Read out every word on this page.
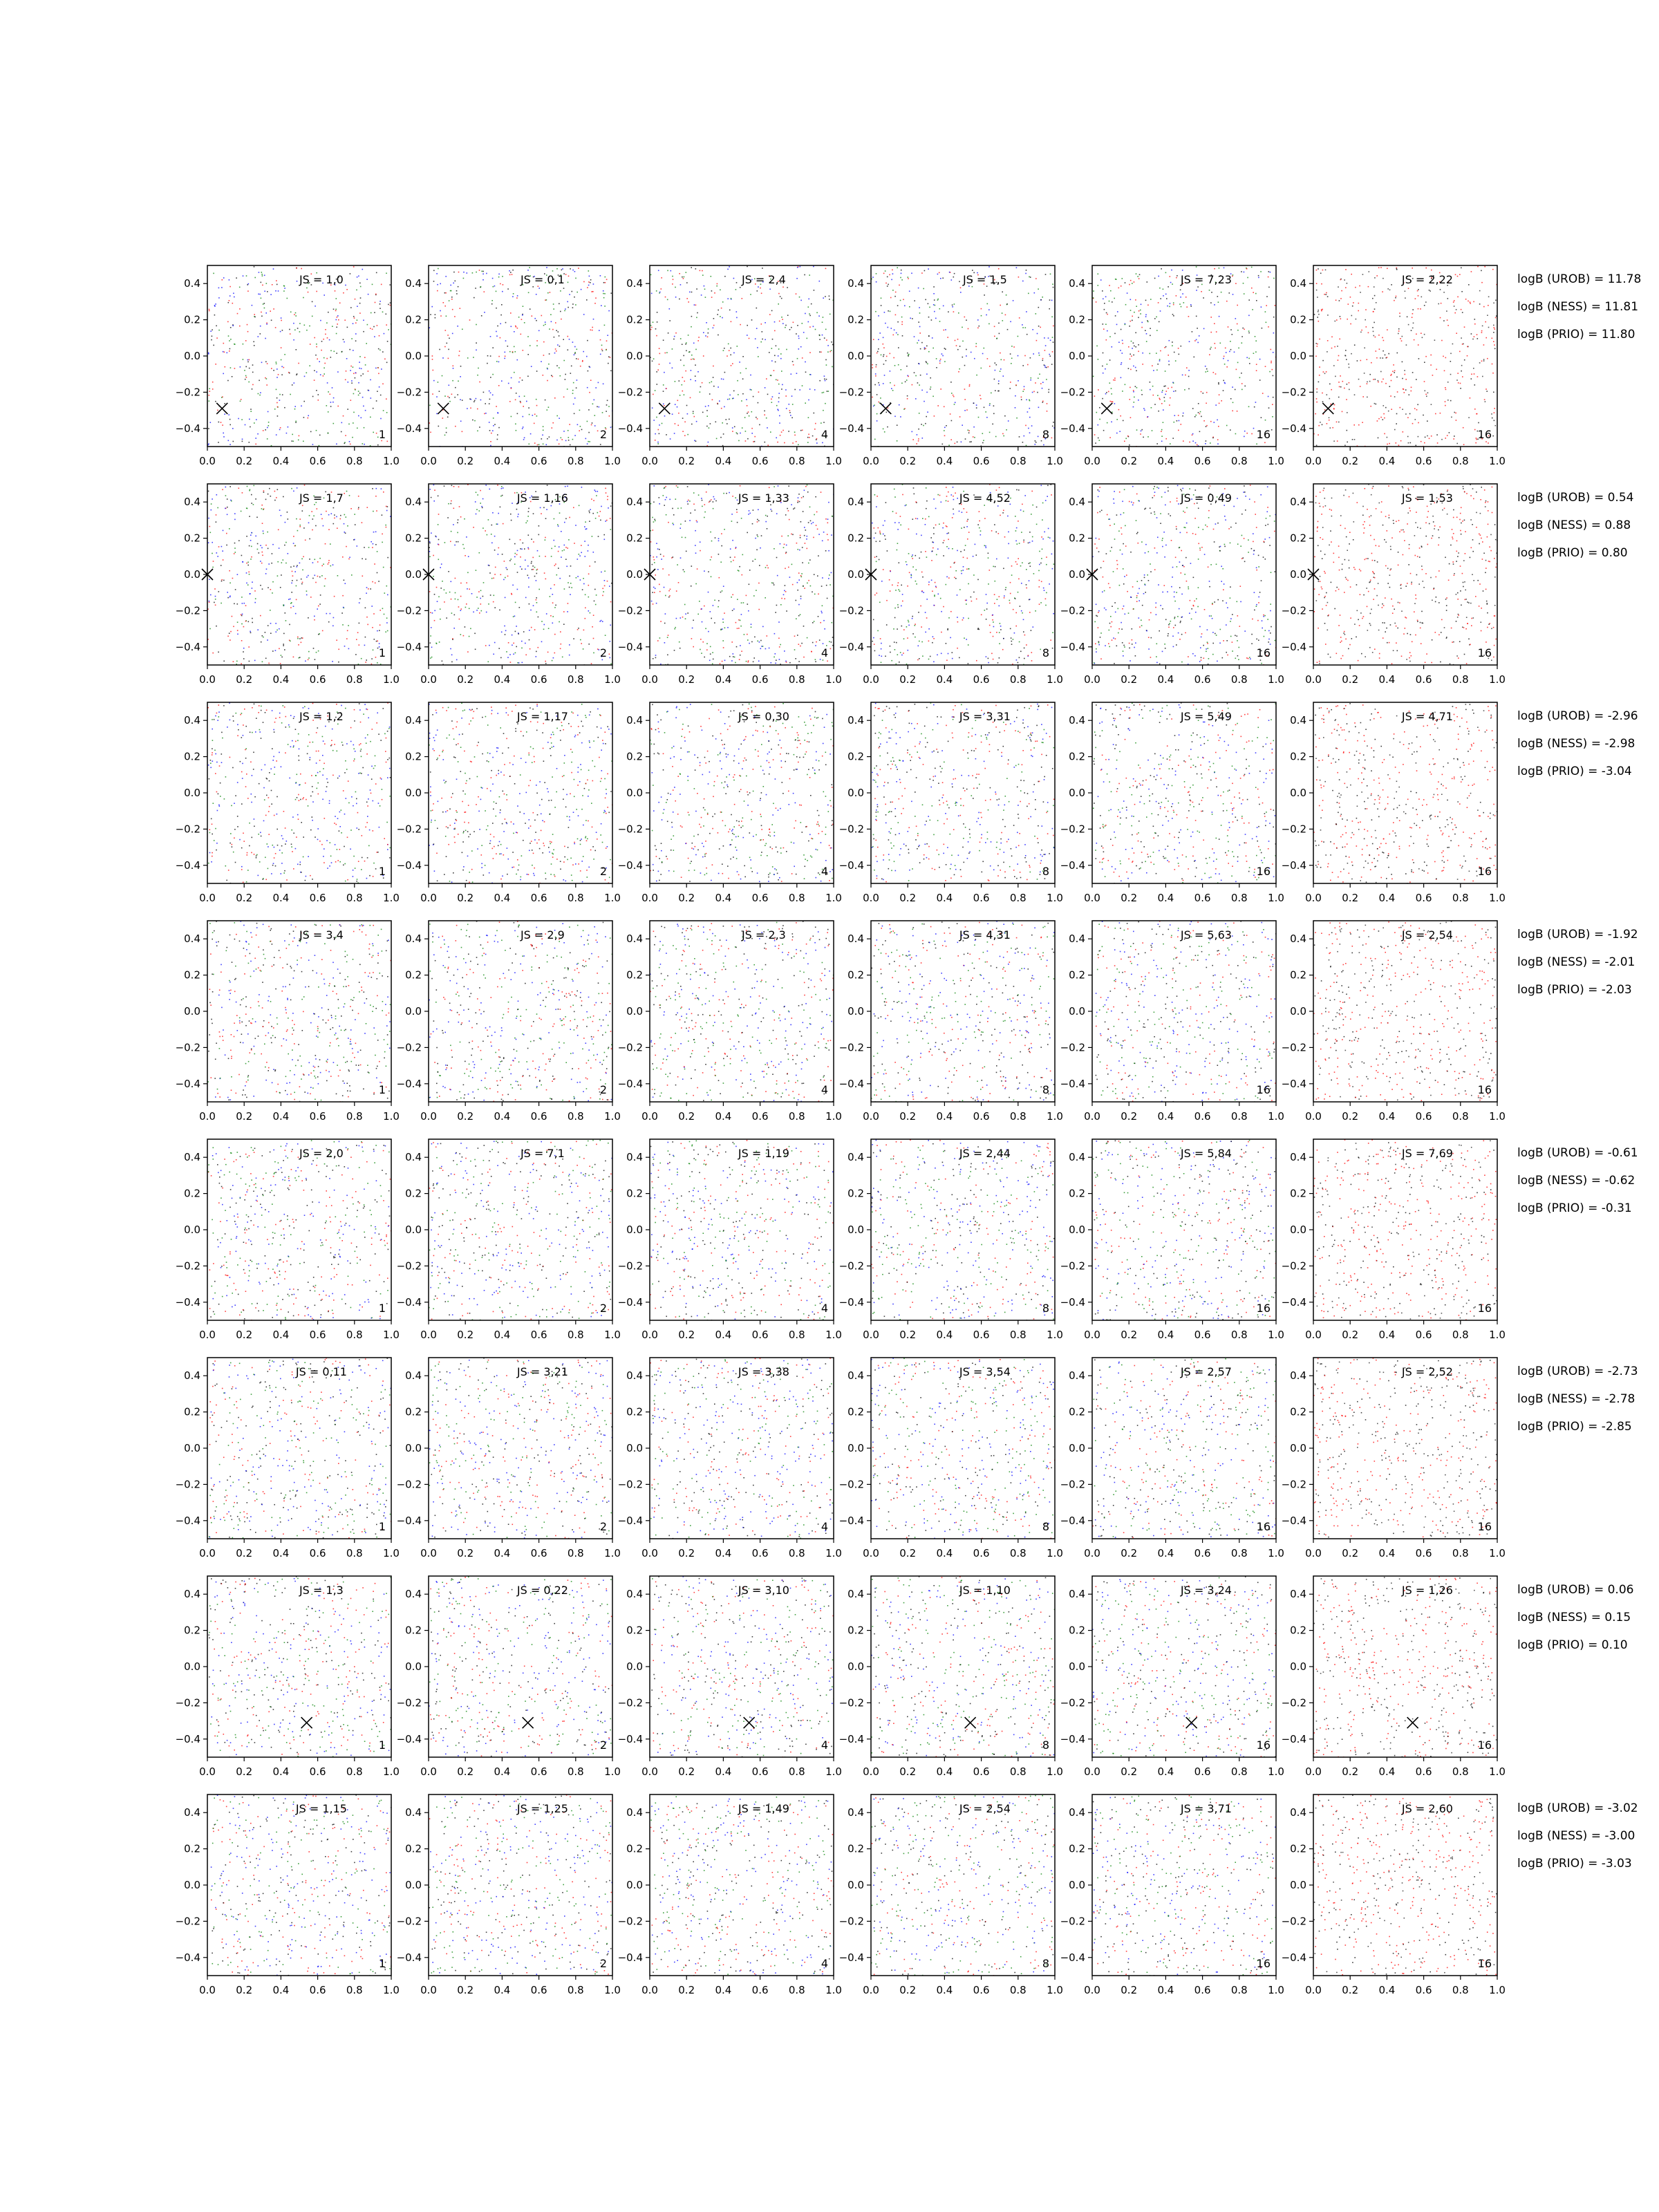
0.0 0.2 0.4 0.6 0.8 1.0
0.4
0.2
0.0
−0.2
−0.4
JS = 1,0
1
0.0 0.2 0.4 0.6 0.8 1.0
0.4
0.2
0.0
−0.2
−0.4
JS = 0,1
2
0.0 0.2 0.4 0.6 0.8 1.0
0.4
0.2
0.0
−0.2
−0.4
JS = 2,4
4
0.0 0.2 0.4 0.6 0.8 1.0
0.4
0.2
0.0
−0.2
−0.4
JS = 1,5
8
0.0 0.2 0.4 0.6 0.8 1.0
0.4
0.2
0.0
−0.2
−0.4
JS = 7,23
16
0.0 0.2 0.4 0.6 0.8 1.0
0.4
0.2
0.0
−0.2
−0.4
JS = 2,22
16
0.0 0.2 0.4 0.6 0.8 1.0
0.4
0.2
0.0
−0.2
−0.4
JS = 1,7
1
0.0 0.2 0.4 0.6 0.8 1.0
0.4
0.2
0.0
−0.2
−0.4
JS = 1,16
2
0.0 0.2 0.4 0.6 0.8 1.0
0.4
0.2
0.0
−0.2
−0.4
JS = 1,33
4
0.0 0.2 0.4 0.6 0.8 1.0
0.4
0.2
0.0
−0.2
−0.4
JS = 4,52
8
0.0 0.2 0.4 0.6 0.8 1.0
0.4
0.2
0.0
−0.2
−0.4
JS = 0,49
16
0.0 0.2 0.4 0.6 0.8 1.0
0.4
0.2
0.0
−0.2
−0.4
JS = 1,53
16
0.0 0.2 0.4 0.6 0.8 1.0
0.4
0.2
0.0
−0.2
−0.4
JS = 1,2
1
0.0 0.2 0.4 0.6 0.8 1.0
0.4
0.2
0.0
−0.2
−0.4
JS = 1,17
2
0.0 0.2 0.4 0.6 0.8 1.0
0.4
0.2
0.0
−0.2
−0.4
JS = 0,30
4
0.0 0.2 0.4 0.6 0.8 1.0
0.4
0.2
0.0
−0.2
−0.4
JS = 3,31
8
0.0 0.2 0.4 0.6 0.8 1.0
0.4
0.2
0.0
−0.2
−0.4
JS = 5,49
16
0.0 0.2 0.4 0.6 0.8 1.0
0.4
0.2
0.0
−0.2
−0.4
JS = 4,71
16
0.0 0.2 0.4 0.6 0.8 1.0
0.4
0.2
0.0
−0.2
−0.4
JS = 3,4
1
0.0 0.2 0.4 0.6 0.8 1.0
0.4
0.2
0.0
−0.2
−0.4
JS = 2,9
2
0.0 0.2 0.4 0.6 0.8 1.0
0.4
0.2
0.0
−0.2
−0.4
JS = 2,3
4
0.0 0.2 0.4 0.6 0.8 1.0
0.4
0.2
0.0
−0.2
−0.4
JS = 4,31
8
0.0 0.2 0.4 0.6 0.8 1.0
0.4
0.2
0.0
−0.2
−0.4
JS = 5,63
16
0.0 0.2 0.4 0.6 0.8 1.0
0.4
0.2
0.0
−0.2
−0.4
JS = 2,54
16
0.0 0.2 0.4 0.6 0.8 1.0
0.4
0.2
0.0
−0.2
−0.4
JS = 2,0
1
0.0 0.2 0.4 0.6 0.8 1.0
0.4
0.2
0.0
−0.2
−0.4
JS = 7,1
2
0.0 0.2 0.4 0.6 0.8 1.0
0.4
0.2
0.0
−0.2
−0.4
JS = 1,19
4
0.0 0.2 0.4 0.6 0.8 1.0
0.4
0.2
0.0
−0.2
−0.4
JS = 2,44
8
0.0 0.2 0.4 0.6 0.8 1.0
0.4
0.2
0.0
−0.2
−0.4
JS = 5,84
16
0.0 0.2 0.4 0.6 0.8 1.0
0.4
0.2
0.0
−0.2
−0.4
JS = 7,69
16
0.0 0.2 0.4 0.6 0.8 1.0
0.4
0.2
0.0
−0.2
−0.4
JS = 0,11
1
0.0 0.2 0.4 0.6 0.8 1.0
0.4
0.2
0.0
−0.2
−0.4
JS = 3,21
2
0.0 0.2 0.4 0.6 0.8 1.0
0.4
0.2
0.0
−0.2
−0.4
JS = 3,38
4
0.0 0.2 0.4 0.6 0.8 1.0
0.4
0.2
0.0
−0.2
−0.4
JS = 3,54
8
0.0 0.2 0.4 0.6 0.8 1.0
0.4
0.2
0.0
−0.2
−0.4
JS = 2,57
16
0.0 0.2 0.4 0.6 0.8 1.0
0.4
0.2
0.0
−0.2
−0.4
JS = 2,52
16
0.0 0.2 0.4 0.6 0.8 1.0
0.4
0.2
0.0
−0.2
−0.4
JS = 1,3
1
0.0 0.2 0.4 0.6 0.8 1.0
0.4
0.2
0.0
−0.2
−0.4
JS = 0,22
2
0.0 0.2 0.4 0.6 0.8 1.0
0.4
0.2
0.0
−0.2
−0.4
JS = 3,10
4
0.0 0.2 0.4 0.6 0.8 1.0
0.4
0.2
0.0
−0.2
−0.4
JS = 1,10
8
0.0 0.2 0.4 0.6 0.8 1.0
0.4
0.2
0.0
−0.2
−0.4
JS = 3,24
16
0.0 0.2 0.4 0.6 0.8 1.0
0.4
0.2
0.0
−0.2
−0.4
JS = 1,26
16
0.0 0.2 0.4 0.6 0.8 1.0
0.4
0.2
0.0
−0.2
−0.4
JS = 1,15
1
0.0 0.2 0.4 0.6 0.8 1.0
0.4
0.2
0.0
−0.2
−0.4
JS = 1,25
2
0.0 0.2 0.4 0.6 0.8 1.0
0.4
0.2
0.0
−0.2
−0.4
JS = 1,49
4
0.0 0.2 0.4 0.6 0.8 1.0
0.4
0.2
0.0
−0.2
−0.4
JS = 2,54
8
0.0 0.2 0.4 0.6 0.8 1.0
0.4
0.2
0.0
−0.2
−0.4
JS = 3,71
16
0.0 0.2 0.4 0.6 0.8 1.0
0.4
0.2
0.0
−0.2
−0.4
JS = 2,60
16
logB (UROB) = 11.78
logB (NESS) = 11.81
logB (PRIO) = 11.80
logB (UROB) = 0.54
logB (NESS) = 0.88
logB (PRIO) = 0.80
logB (UROB) = -2.96
logB (NESS) = -2.98
logB (PRIO) = -3.04
logB (UROB) = -1.92
logB (NESS) = -2.01
logB (PRIO) = -2.03
logB (UROB) = -0.61
logB (NESS) = -0.62
logB (PRIO) = -0.31
logB (UROB) = -2.73
logB (NESS) = -2.78
logB (PRIO) = -2.85
logB (UROB) = 0.06
logB (NESS) = 0.15
logB (PRIO) = 0.10
logB (UROB) = -3.02
logB (NESS) = -3.00
logB (PRIO) = -3.03
